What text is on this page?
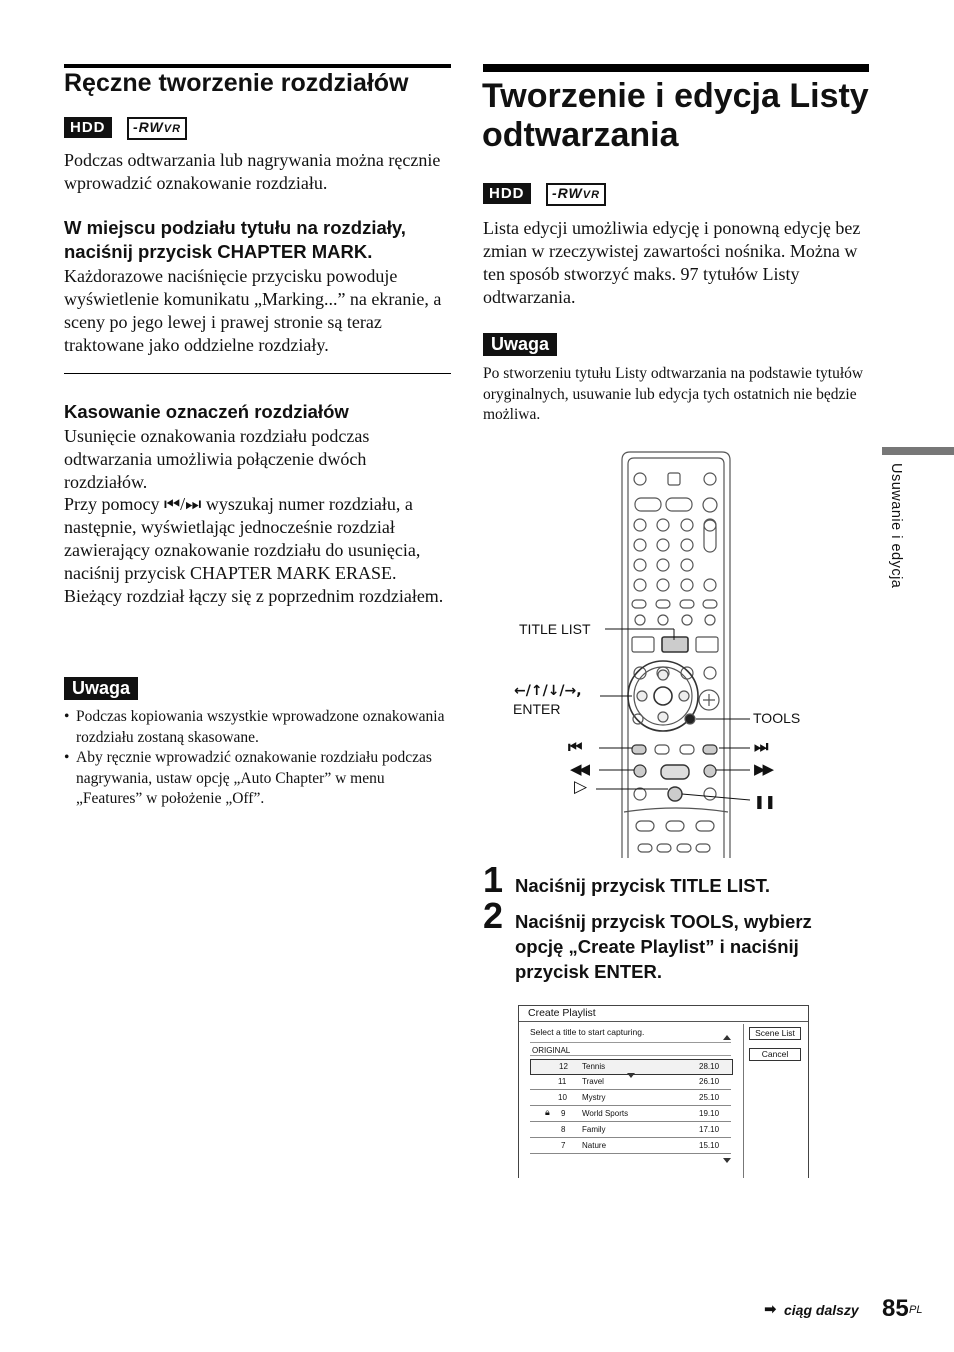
Ręczne tworzenie rozdziałów
HDD	-RWVR

Podczas odtwarzania lub nagrywania można ręcznie wprowadzić oznakowanie rozdziału.

W miejscu podziału tytułu na rozdziały, naciśnij przycisk CHAPTER MARK.

Każdorazowe naciśnięcie przycisku powoduje wyświetlenie komunikatu „Marking...” na ekranie, a sceny po jego lewej i prawej stronie są teraz traktowane jako oddzielne rozdziały.

Kasowanie oznaczeń rozdziałów

Usunięcie oznakowania rozdziału podczas odtwarzania umożliwia połączenie dwóch rozdziałów.

Przy pomocy ⏮/⏭ wyszukaj numer rozdziału, a następnie, wyświetlając jednocześnie rozdział zawierający oznakowanie rozdziału do usunięcia, naciśnij przycisk CHAPTER MARK ERASE. Bieżący rozdział łączy się z poprzednim rozdziałem.

Uwaga
• Podczas kopiowania wszystkie wprowadzone oznakowania rozdziału zostaną skasowane.
• Aby ręcznie wprowadzić oznakowanie rozdziału podczas nagrywania, ustaw opcję „Auto Chapter” w menu „Features” w położenie „Off”.
Tworzenie i edycja Listy odtwarzania
HDD	-RWVR

Lista edycji umożliwia edycję i ponowną edycję bez zmian w rzeczywistej zawartości nośnika. Można w ten sposób stworzyć maks. 97 tytułów Listy odtwarzania.

Uwaga

Po stworzeniu tytułu Listy odtwarzania na podstawie tytułów oryginalnych, usuwanie lub edycja tych ostatnich nie będzie możliwa.

TITLE LIST
←/↑/↓/→,
ENTER
TOOLS
⏮	⏭
◀◀	▶▶
▷
❚❚
1 Naciśnij przycisk TITLE LIST.

2 Naciśnij przycisk TOOLS, wybierz opcję „Create Playlist” i naciśnij przycisk ENTER.

Create Playlist
Select a title to start capturing.
ORIGINAL
12 Tennis	28.10
11 Travel	26.10
10 Mystry	25.10
🔒︎ 9 World Sports	19.10
8 Family	17.10
7 Nature	15.10
Scene List
Cancel
Usuwanie i edycja
➡ ciąg dalszy 85 PL
